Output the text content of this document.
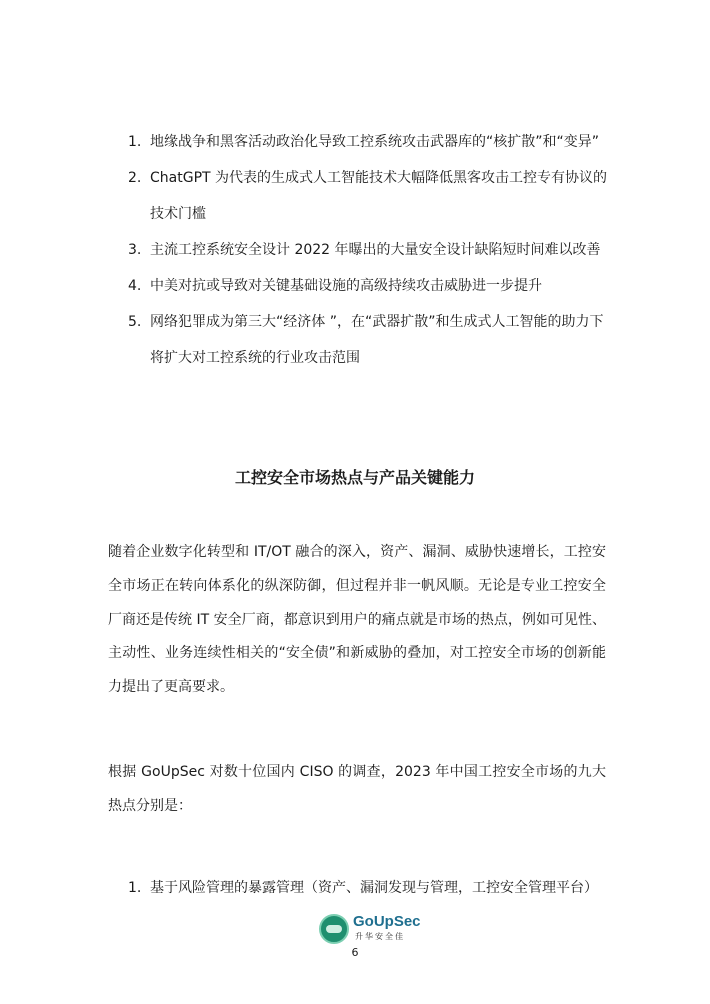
1. 地缘战争和黑客活动政治化导致工控系统攻击武器库的“核扩散”和“变异”
2. ChatGPT 为代表的生成式人工智能技术大幅降低黑客攻击工控专有协议的技术门槛
3. 主流工控系统安全设计 2022 年曝出的大量安全设计缺陷短时间难以改善
4. 中美对抗或导致对关键基础设施的高级持续攻击威胁进一步提升
5. 网络犯罪成为第三大“经济体 ”，在“武器扩散”和生成式人工智能的助力下将扩大对工控系统的行业攻击范围
工控安全市场热点与产品关键能力

随着企业数字化转型和 IT/OT 融合的深入，资产、漏洞、威胁快速增长，工控安全市场正在转向体系化的纵深防御，但过程并非一帆风顺。无论是专业工控安全厂商还是传统 IT 安全厂商，都意识到用户的痛点就是市场的热点，例如可见性、主动性、业务连续性相关的“安全债”和新威胁的叠加，对工控安全市场的创新能力提出了更高要求。

根据 GoUpSec 对数十位国内 CISO 的调查，2023 年中国工控安全市场的九大热点分别是：

1. 基于风险管理的暴露管理（资产、漏洞发现与管理，工控安全管理平台）
GoUpSec
升华安全佳
6
